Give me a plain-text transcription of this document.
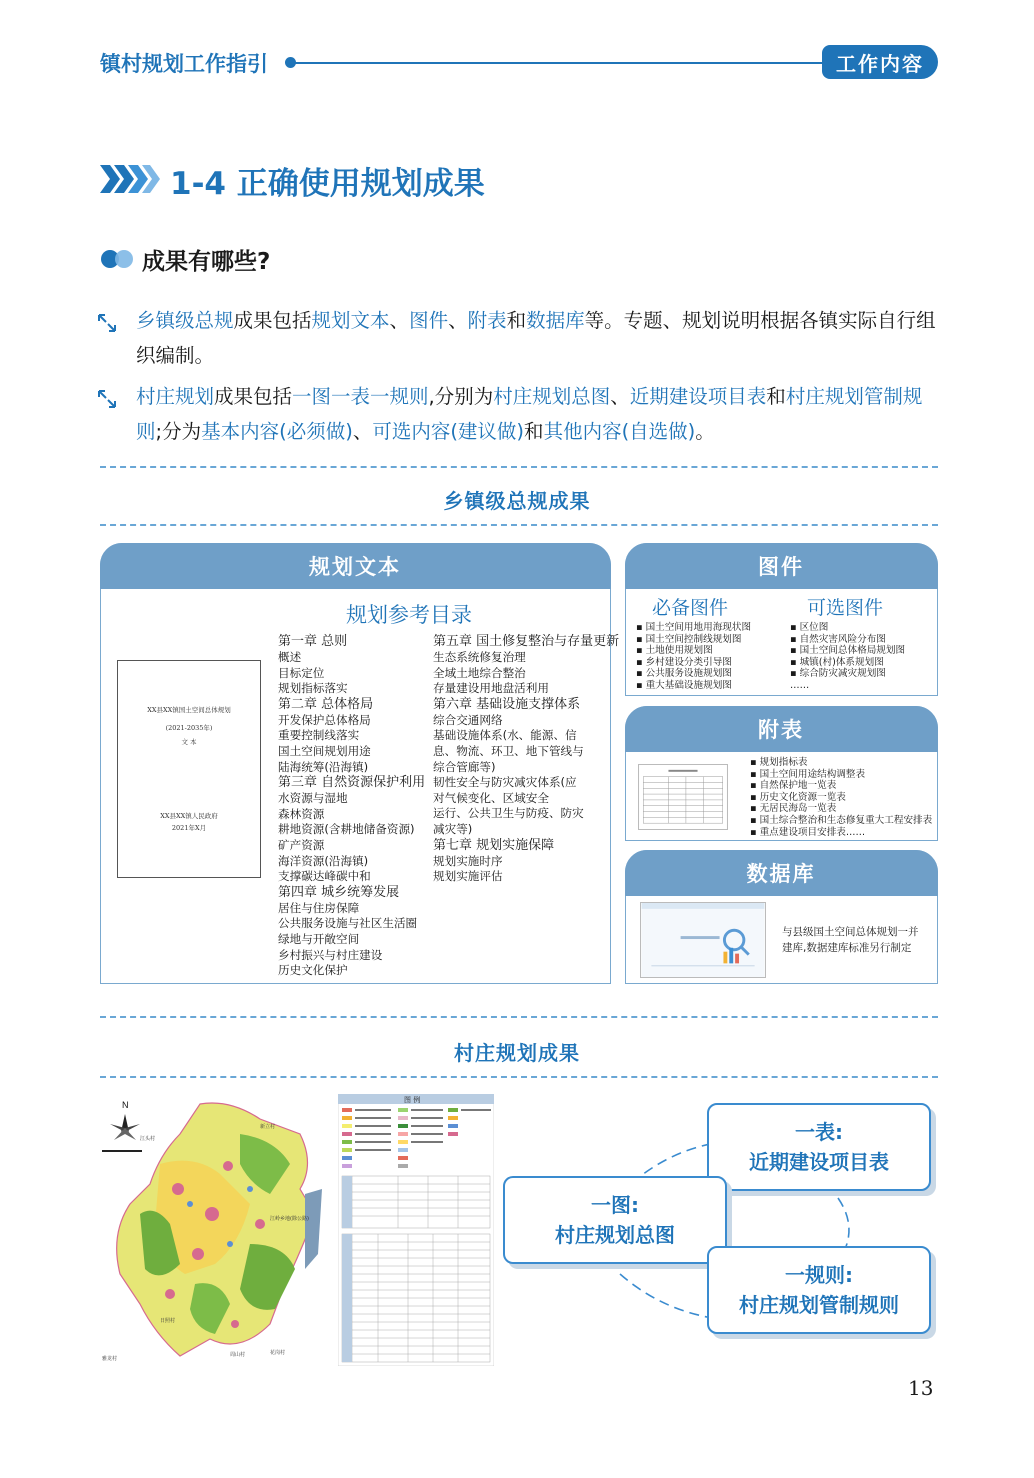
镇村规划工作指引	工作内容
1-4 正确使用规划成果
成果有哪些?
乡镇级总规成果包括规划文本、图件、附表和数据库等。专题、规划说明根据各镇实际自行组织编制。
村庄规划成果包括一图一表一规则,分别为村庄规划总图、近期建设项目表和村庄规划管制规则;分为基本内容(必须做)、可选内容(建议做)和其他内容(自选做)。
乡镇级总规成果
规划文本
规划参考目录
XX县XX镇国土空间总体规划
(2021-2035年)
文 本
XX县XX镇人民政府
2021年X月
第一章 总则
概述
目标定位
规划指标落实
第二章 总体格局
开发保护总体格局
重要控制线落实
国土空间规划用途
陆海统筹(沿海镇)
第三章 自然资源保护利用
水资源与湿地
森林资源
耕地资源(含耕地储备资源)
矿产资源
海洋资源(沿海镇)
支撑碳达峰碳中和
第四章 城乡统筹发展
居住与住房保障
公共服务设施与社区生活圈
绿地与开敞空间
乡村振兴与村庄建设
历史文化保护
第五章 国土修复整治与存量更新
生态系统修复治理
全域土地综合整治
存量建设用地盘活利用
第六章 基础设施支撑体系
综合交通网络
基础设施体系(水、能源、信
息、物流、环卫、地下管线与
综合管廊等)
韧性安全与防灾减灾体系(应
对气候变化、区域安全
运行、公共卫生与防疫、防灾
减灾等)
第七章 规划实施保障
规划实施时序
规划实施评估
图件
必备图件	可选图件
▪ 国土空间用地用海现状图
▪ 国土空间控制线规划图
▪ 土地使用规划图
▪ 乡村建设分类引导图
▪ 公共服务设施规划图
▪ 重大基础设施规划图
▪ 区位图
▪ 自然灾害风险分布图
▪ 国土空间总体格局规划图
▪ 城镇(村)体系规划图
▪ 综合防灾减灾规划图
……
附表
▪ 规划指标表
▪ 国土空间用途结构调整表
▪ 自然保护地一览表
▪ 历史文化资源一览表
▪ 无居民海岛一览表
▪ 国土综合整治和生态修复重大工程安排表
▪ 重点建设项目安排表……
数据库
与县级国土空间总体规划一并
建库,数据建库标准另行制定
村庄规划成果
N
江头村
新立村
江岭乡地(除公路)
日照村
周山村	花岗村
雅龙村
图 例
一表:
近期建设项目表
一图:
村庄规划总图
一规则:
村庄规划管制规则
13
